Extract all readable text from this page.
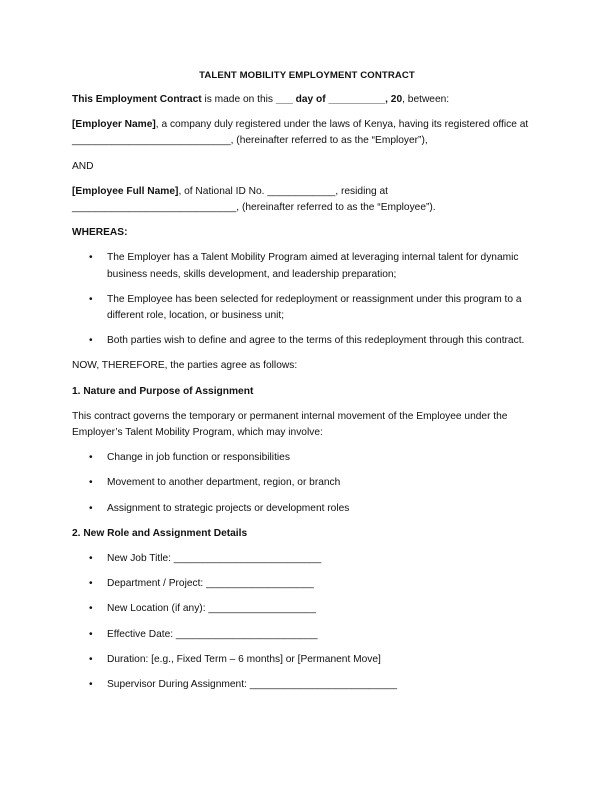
TALENT MOBILITY EMPLOYMENT CONTRACT

This Employment Contract is made on this ___ day of __________, 20, between:

[Employer Name], a company duly registered under the laws of Kenya, having its registered office at ____________________________, (hereinafter referred to as the “Employer”),

AND

[Employee Full Name], of National ID No. ____________, residing at _____________________________, (hereinafter referred to as the “Employee”).

WHEREAS:
• The Employer has a Talent Mobility Program aimed at leveraging internal talent for dynamic business needs, skills development, and leadership preparation;
• The Employee has been selected for redeployment or reassignment under this program to a different role, location, or business unit;
• Both parties wish to define and agree to the terms of this redeployment through this contract.

NOW, THEREFORE, the parties agree as follows:

1. Nature and Purpose of Assignment

This contract governs the temporary or permanent internal movement of the Employee under the Employer’s Talent Mobility Program, which may involve:

• Change in job function or responsibilities
• Movement to another department, region, or branch
• Assignment to strategic projects or development roles
2. New Role and Assignment Details
• New Job Title: __________________________
• Department / Project: ___________________
• New Location (if any): ___________________
• Effective Date: _________________________
• Duration: [e.g., Fixed Term – 6 months] or [Permanent Move]
• Supervisor During Assignment: __________________________
